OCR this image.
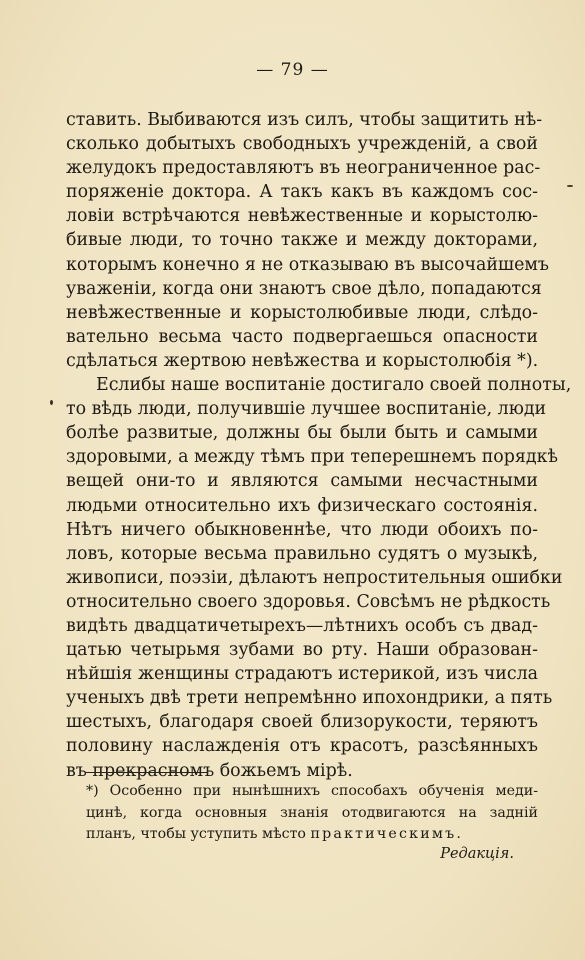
— 79 —
ставить. Выбиваются изъ силъ, чтобы защитить нѣ-
сколько добытыхъ свободныхъ учрежденій, а свой
желудокъ предоставляютъ въ неограниченное рас-
поряженіе доктора. А такъ какъ въ каждомъ сос-
ловіи встрѣчаются невѣжественные и корыстолю-
бивые люди, то точно также и между докторами,
которымъ конечно я не отказываю въ высочайшемъ
уваженіи, когда они знаютъ свое дѣло, попадаются
невѣжественные и корыстолюбивые люди, слѣдо-
вательно весьма часто подвергаешься опасности
сдѣлаться жертвою невѣжества и корыстолюбія *).
Еслибы наше воспитаніе достигало своей полноты,
то вѣдь люди, получившіе лучшее воспитаніе, люди
болѣе развитые, должны бы были быть и самыми
здоровыми, а между тѣмъ при теперешнемъ порядкѣ
вещей они-то и являются самыми несчастными
людьми относительно ихъ физическаго состоянія.
Нѣтъ ничего обыкновеннѣе, что люди обоихъ по-
ловъ, которые весьма правильно судятъ о музыкѣ,
живописи, поэзіи, дѣлаютъ непростительныя ошибки
относительно своего здоровья. Совсѣмъ не рѣдкость
видѣть двадцатичетырехъ—лѣтнихъ особъ съ двад-
цатью четырьмя зубами во рту. Наши образован-
нѣйшія женщины страдаютъ истерикой, изъ числа
ученыхъ двѣ трети непремѣнно ипохондрики, а пять
шестыхъ, благодаря своей близорукости, теряютъ
половину наслажденія отъ красотъ, разсѣянныхъ
въ прекрасномъ божьемъ мірѣ.
*) Особенно при нынѣшнихъ способахъ обученія меди-
цинѣ, когда основныя знанія отодвигаются на задній
планъ, чтобы уступить мѣсто практическимъ.
Редакція.
